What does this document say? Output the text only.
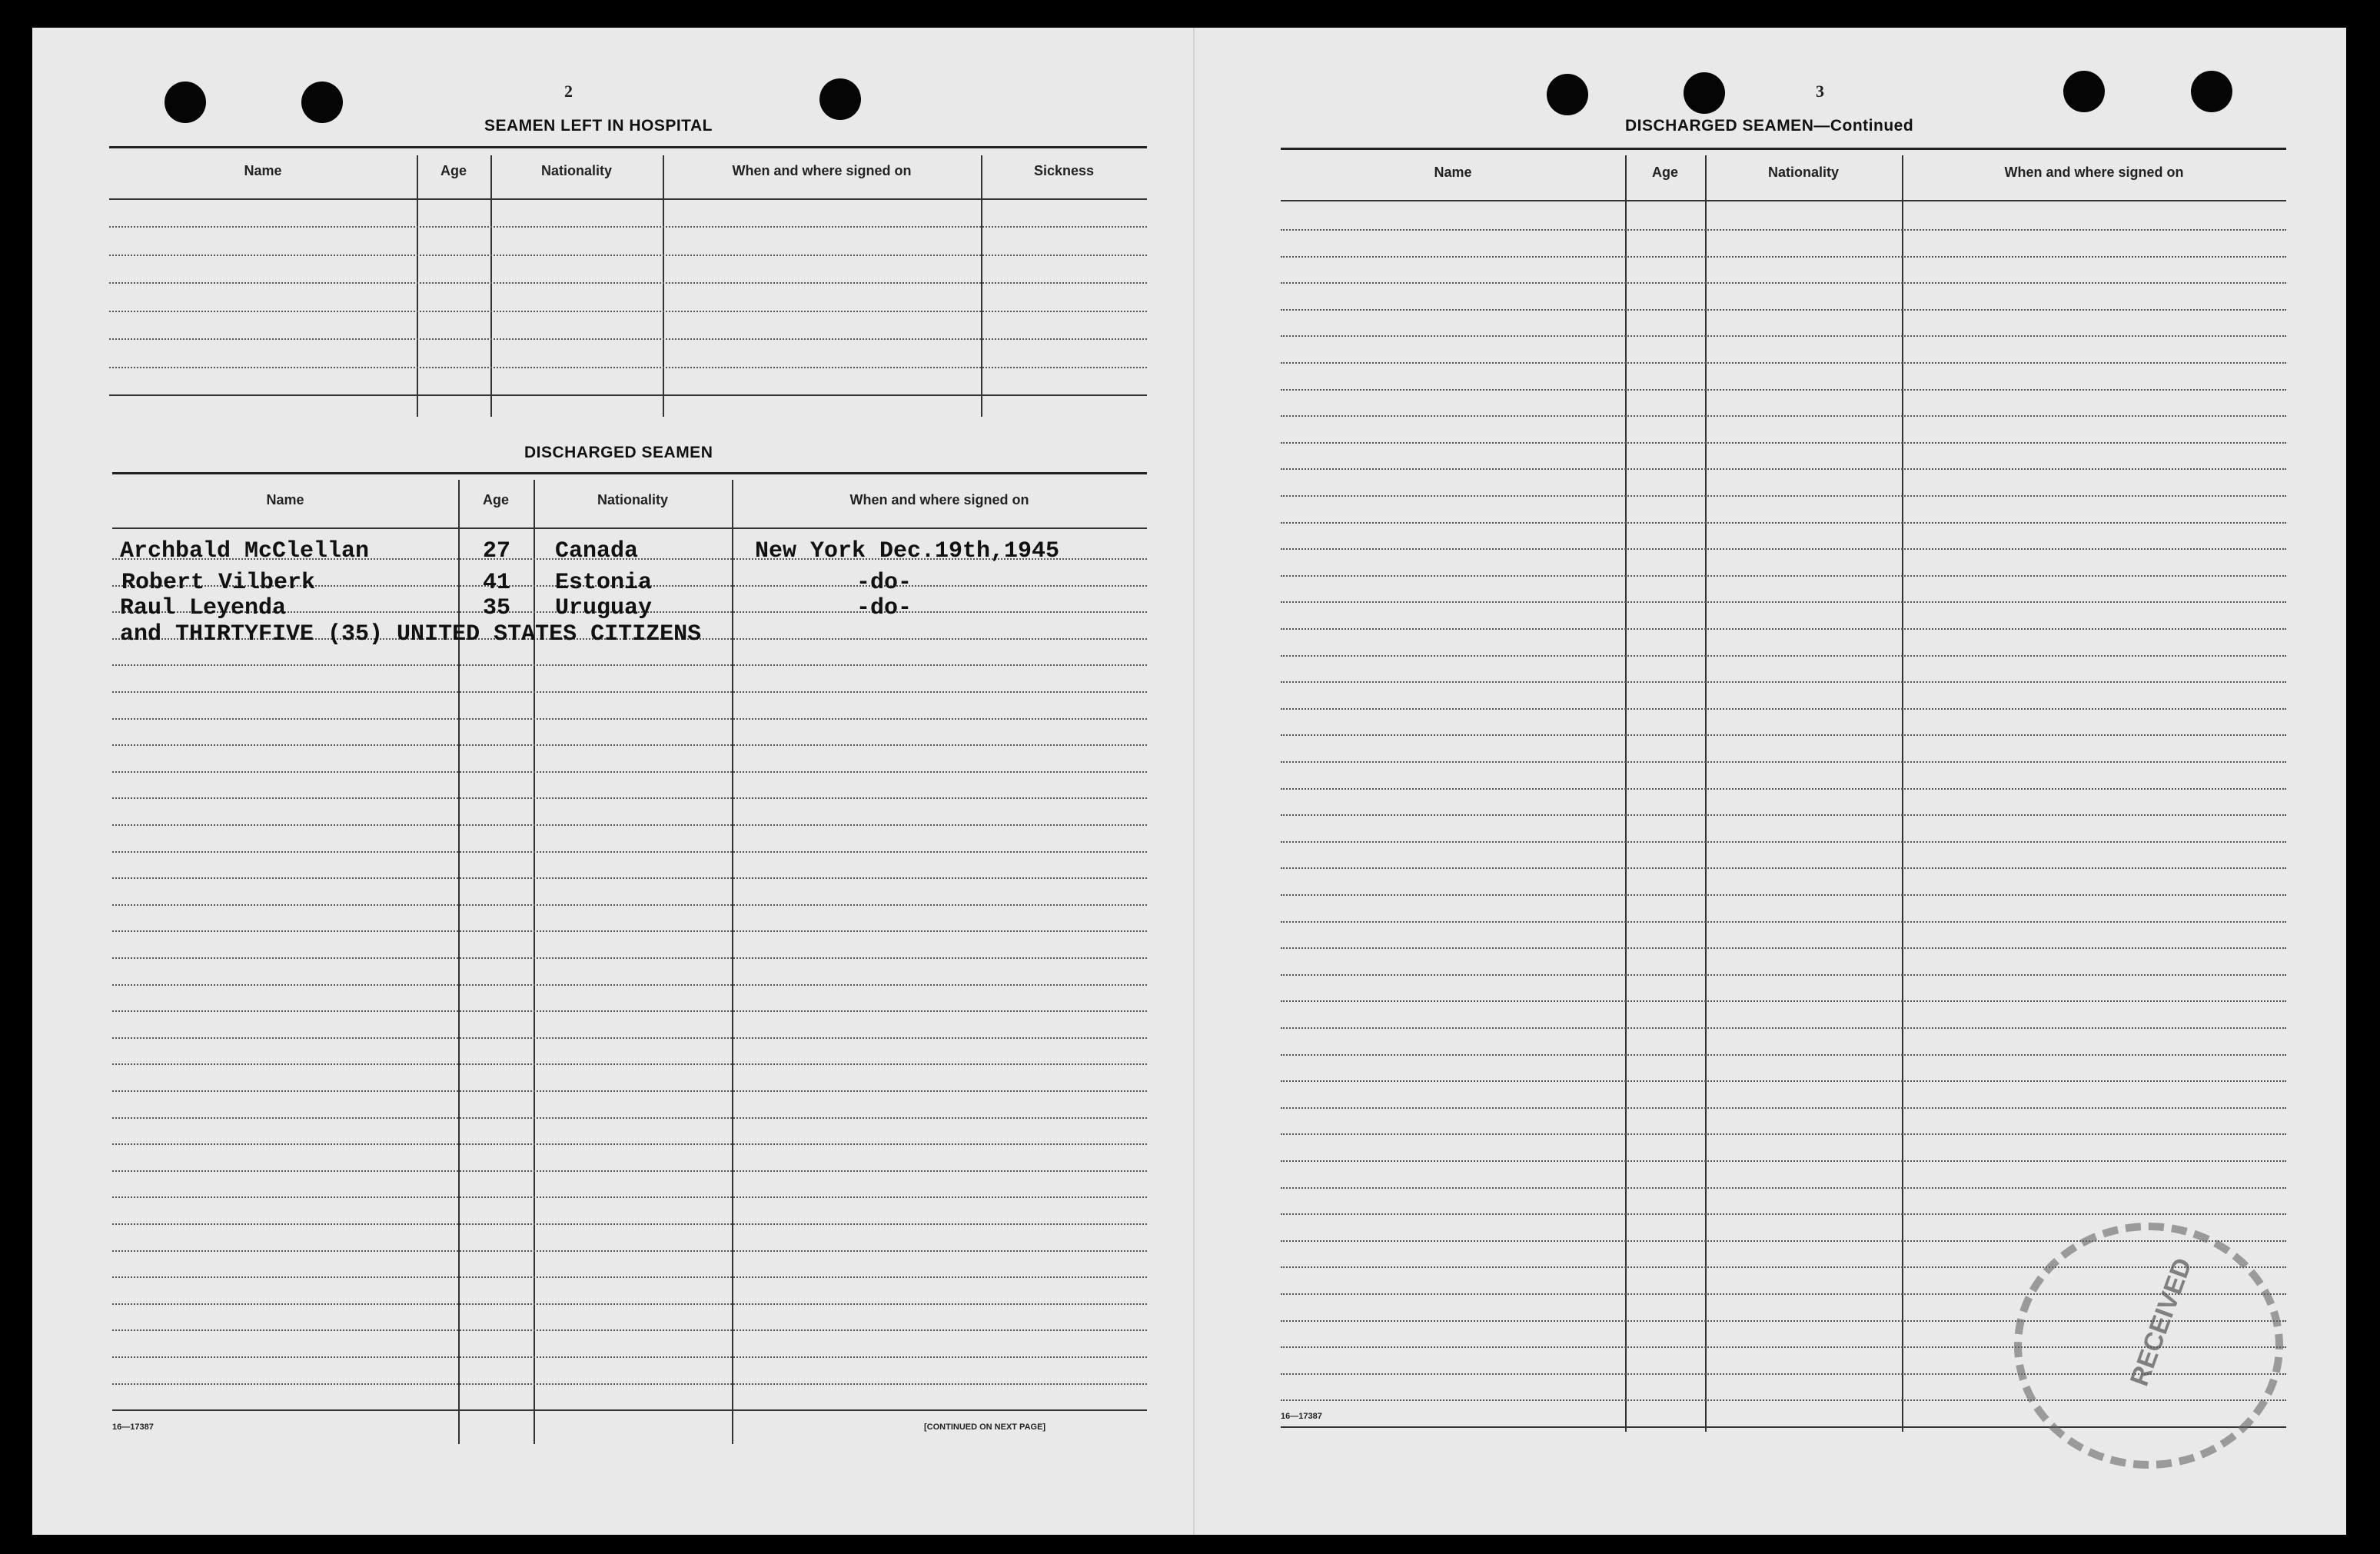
2
SEAMEN LEFT IN HOSPITAL
Name	Age	Nationality	When and where signed on	Sickness
DISCHARGED SEAMEN
Name	Age	Nationality	When and where signed on
Archbald McClellan	27 Canada	New York Dec.19th,1945
Robert Vilberk	41 Estonia	-do-
Raul Leyenda	35 Uruguay	-do-
and THIRTYFIVE (35) UNITED STATES CITIZENS
16—17387	[CONTINUED ON NEXT PAGE]
3
DISCHARGED SEAMEN—Continued
Name	Age	Nationality	When and where signed on
16—17387
RECEIVED
